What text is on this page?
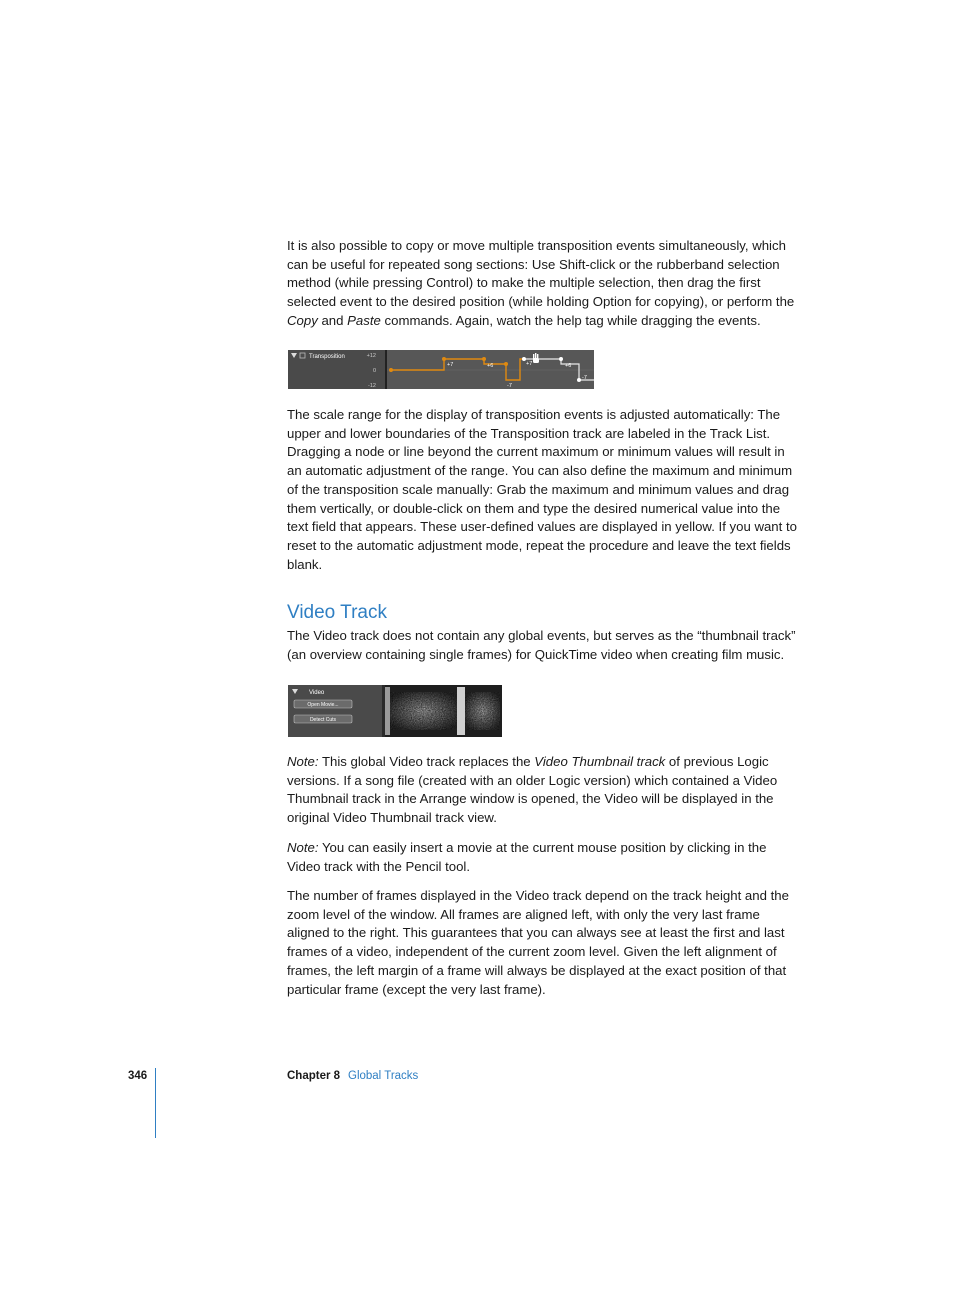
It is also possible to copy or move multiple transposition events simultaneously, which can be useful for repeated song sections: Use Shift-click or the rubberband selection method (while pressing Control) to make the multiple selection, then drag the first selected event to the desired position (while holding Option for copying), or perform the Copy and Paste commands. Again, watch the help tag while dragging the events.

Transposition	+12
0
-12
+7	+6
-7
+7	+6
-7

The scale range for the display of transposition events is adjusted automatically: The upper and lower boundaries of the Transposition track are labeled in the Track List. Dragging a node or line beyond the current maximum or minimum values will result in an automatic adjustment of the range. You can also define the maximum and minimum of the transposition scale manually: Grab the maximum and minimum values and drag them vertically, or double-click on them and type the desired numerical value into the text field that appears. These user-defined values are displayed in yellow. If you want to reset to the automatic adjustment mode, repeat the procedure and leave the text fields blank.

Video Track

The Video track does not contain any global events, but serves as the “thumbnail track” (an overview containing single frames) for QuickTime video when creating film music.

Video
Open Movie...
Detect Cuts

Note: This global Video track replaces the Video Thumbnail track of previous Logic versions. If a song file (created with an older Logic version) which contained a Video Thumbnail track in the Arrange window is opened, the Video will be displayed in the original Video Thumbnail track view.

Note: You can easily insert a movie at the current mouse position by clicking in the Video track with the Pencil tool.

The number of frames displayed in the Video track depend on the track height and the zoom level of the window. All frames are aligned left, with only the very last frame aligned to the right. This guarantees that you can always see at least the first and last frames of a video, independent of the current zoom level. Given the left alignment of frames, the left margin of a frame will always be displayed at the exact position of that particular frame (except the very last frame).

346	Chapter 8 Global Tracks
